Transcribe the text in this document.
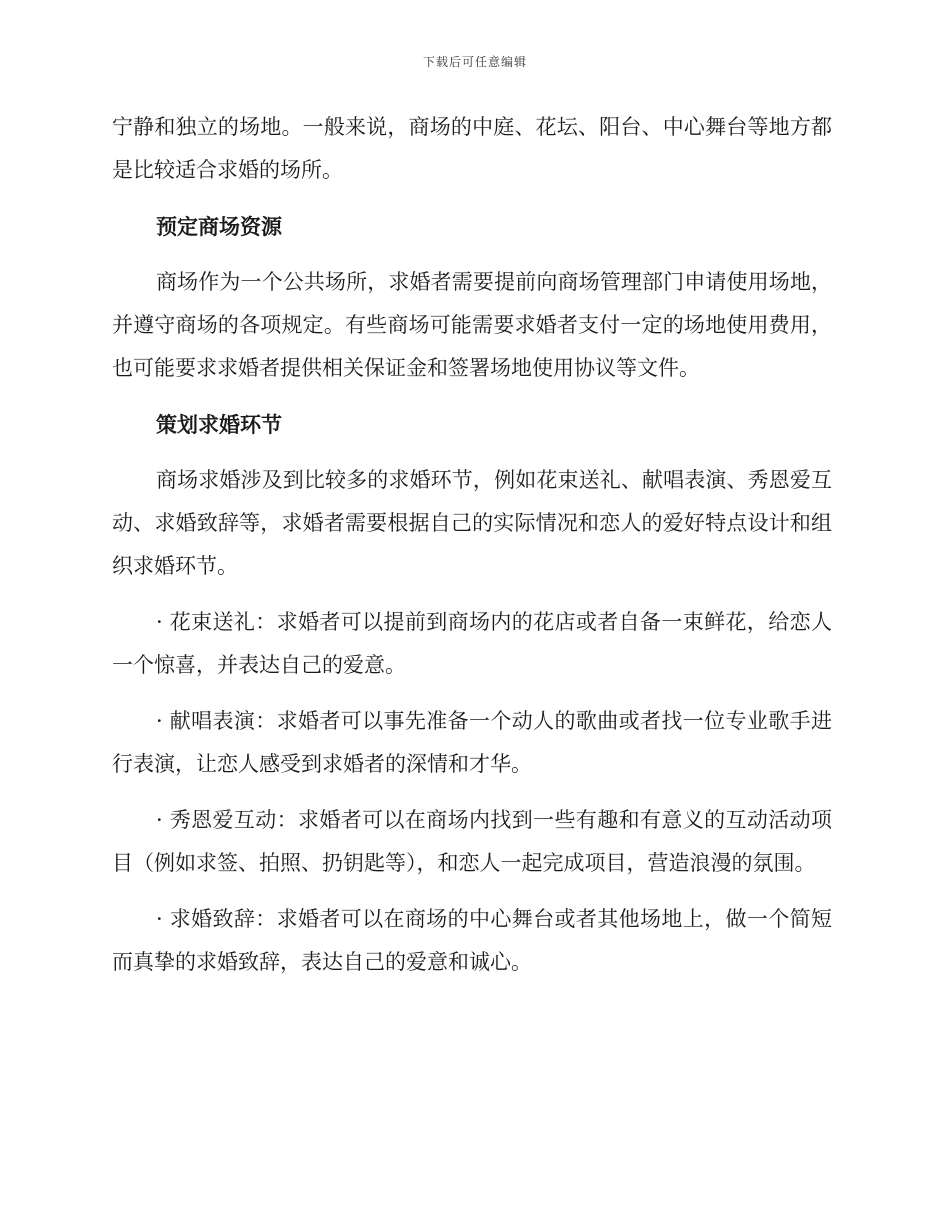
下载后可任意编辑

宁静和独立的场地。一般来说，商场的中庭、花坛、阳台、中心舞台等地方都是比较适合求婚的场所。

预定商场资源

商场作为一个公共场所，求婚者需要提前向商场管理部门申请使用场地，并遵守商场的各项规定。有些商场可能需要求婚者支付一定的场地使用费用，也可能要求求婚者提供相关保证金和签署场地使用协议等文件。

策划求婚环节

商场求婚涉及到比较多的求婚环节，例如花束送礼、献唱表演、秀恩爱互动、求婚致辞等，求婚者需要根据自己的实际情况和恋人的爱好特点设计和组织求婚环节。

· 花束送礼：求婚者可以提前到商场内的花店或者自备一束鲜花，给恋人一个惊喜，并表达自己的爱意。

· 献唱表演：求婚者可以事先准备一个动人的歌曲或者找一位专业歌手进行表演，让恋人感受到求婚者的深情和才华。

· 秀恩爱互动：求婚者可以在商场内找到一些有趣和有意义的互动活动项目（例如求签、拍照、扔钥匙等），和恋人一起完成项目，营造浪漫的氛围。

· 求婚致辞：求婚者可以在商场的中心舞台或者其他场地上，做一个简短而真挚的求婚致辞，表达自己的爱意和诚心。
